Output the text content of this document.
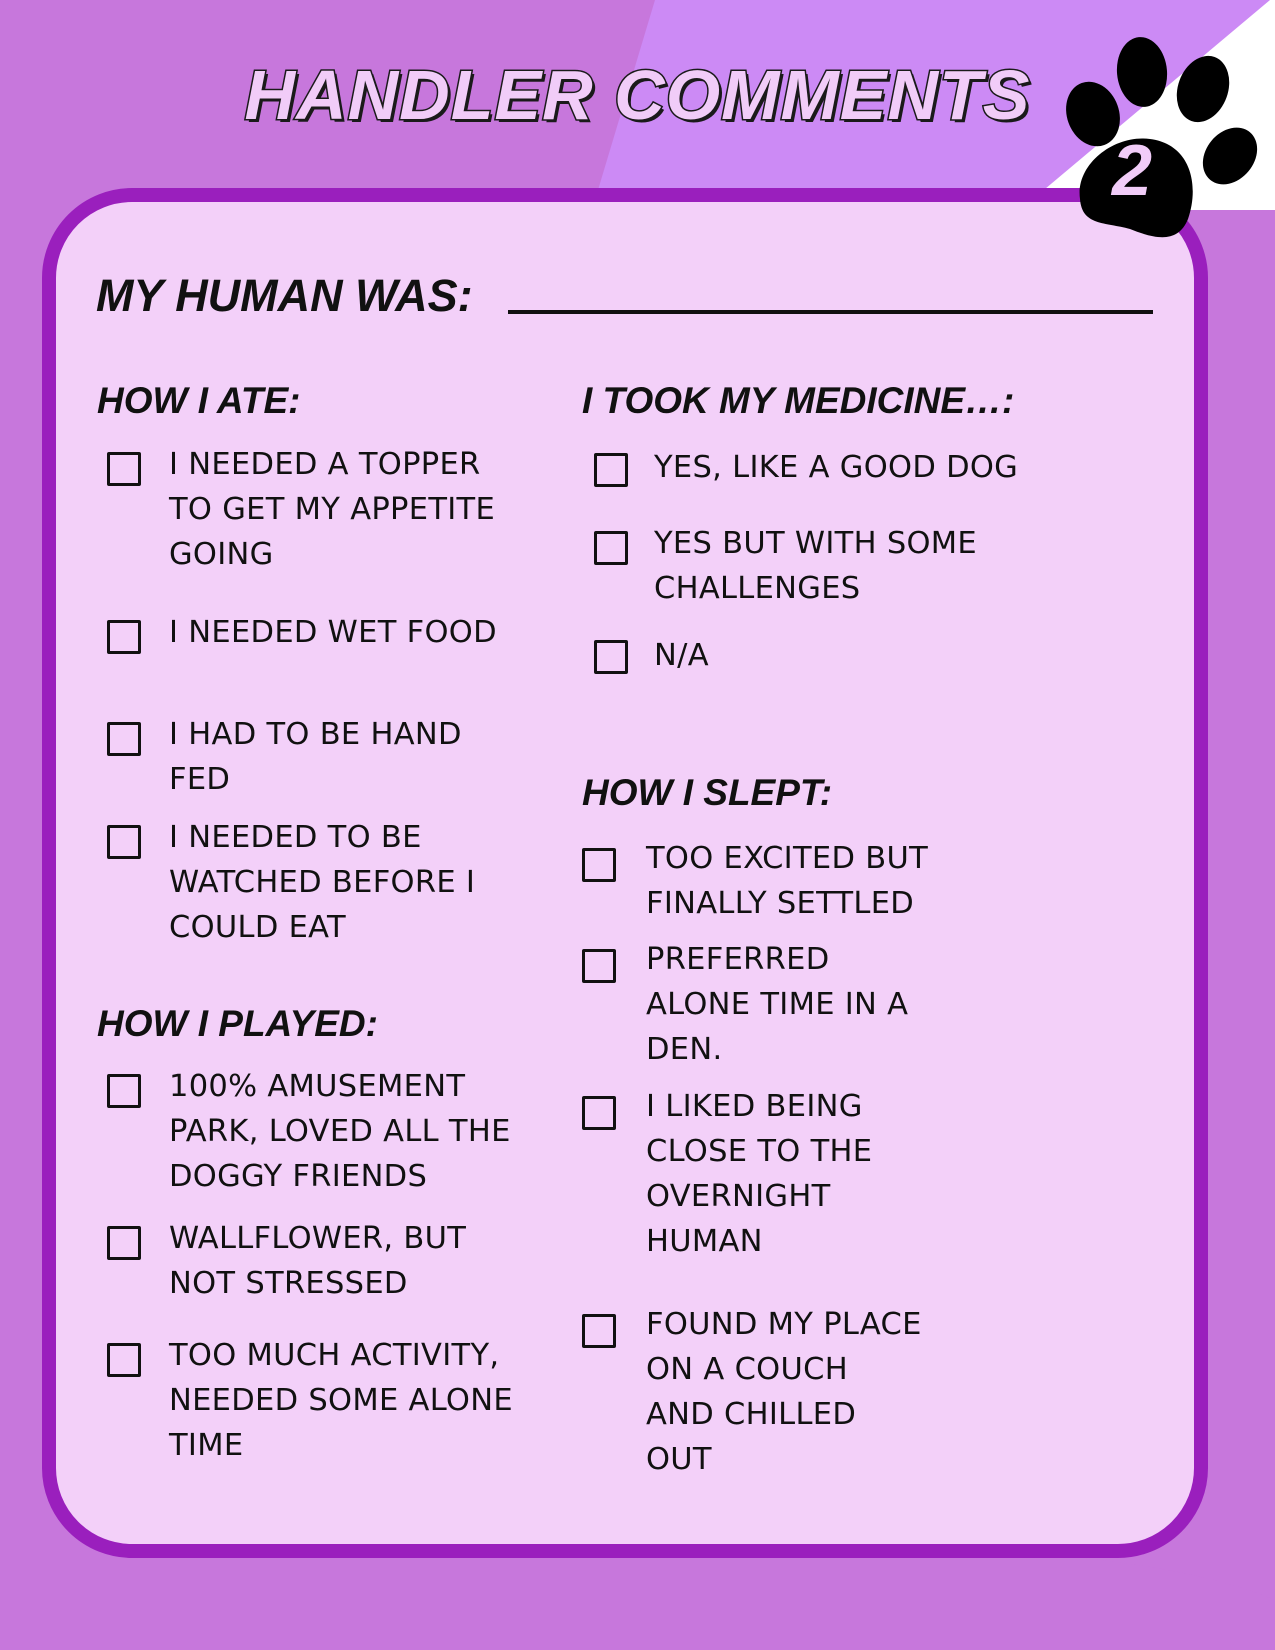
HANDLER COMMENTS
2
MY HUMAN WAS:
HOW I ATE:
I NEEDED A TOPPER
TO GET MY APPETITE
GOING
I NEEDED WET FOOD
I HAD TO BE HAND
FED
I NEEDED TO BE
WATCHED BEFORE I
COULD EAT
HOW I PLAYED:
100% AMUSEMENT
PARK, LOVED ALL THE
DOGGY FRIENDS
WALLFLOWER, BUT
NOT STRESSED
TOO MUCH ACTIVITY,
NEEDED SOME ALONE
TIME
I TOOK MY MEDICINE…:
YES, LIKE A GOOD DOG
YES BUT WITH SOME
CHALLENGES
N/A
HOW I SLEPT:
TOO EXCITED BUT
FINALLY SETTLED
PREFERRED
ALONE TIME IN A
DEN.
I LIKED BEING
CLOSE TO THE
OVERNIGHT
HUMAN
FOUND MY PLACE
ON A COUCH
AND CHILLED
OUT
